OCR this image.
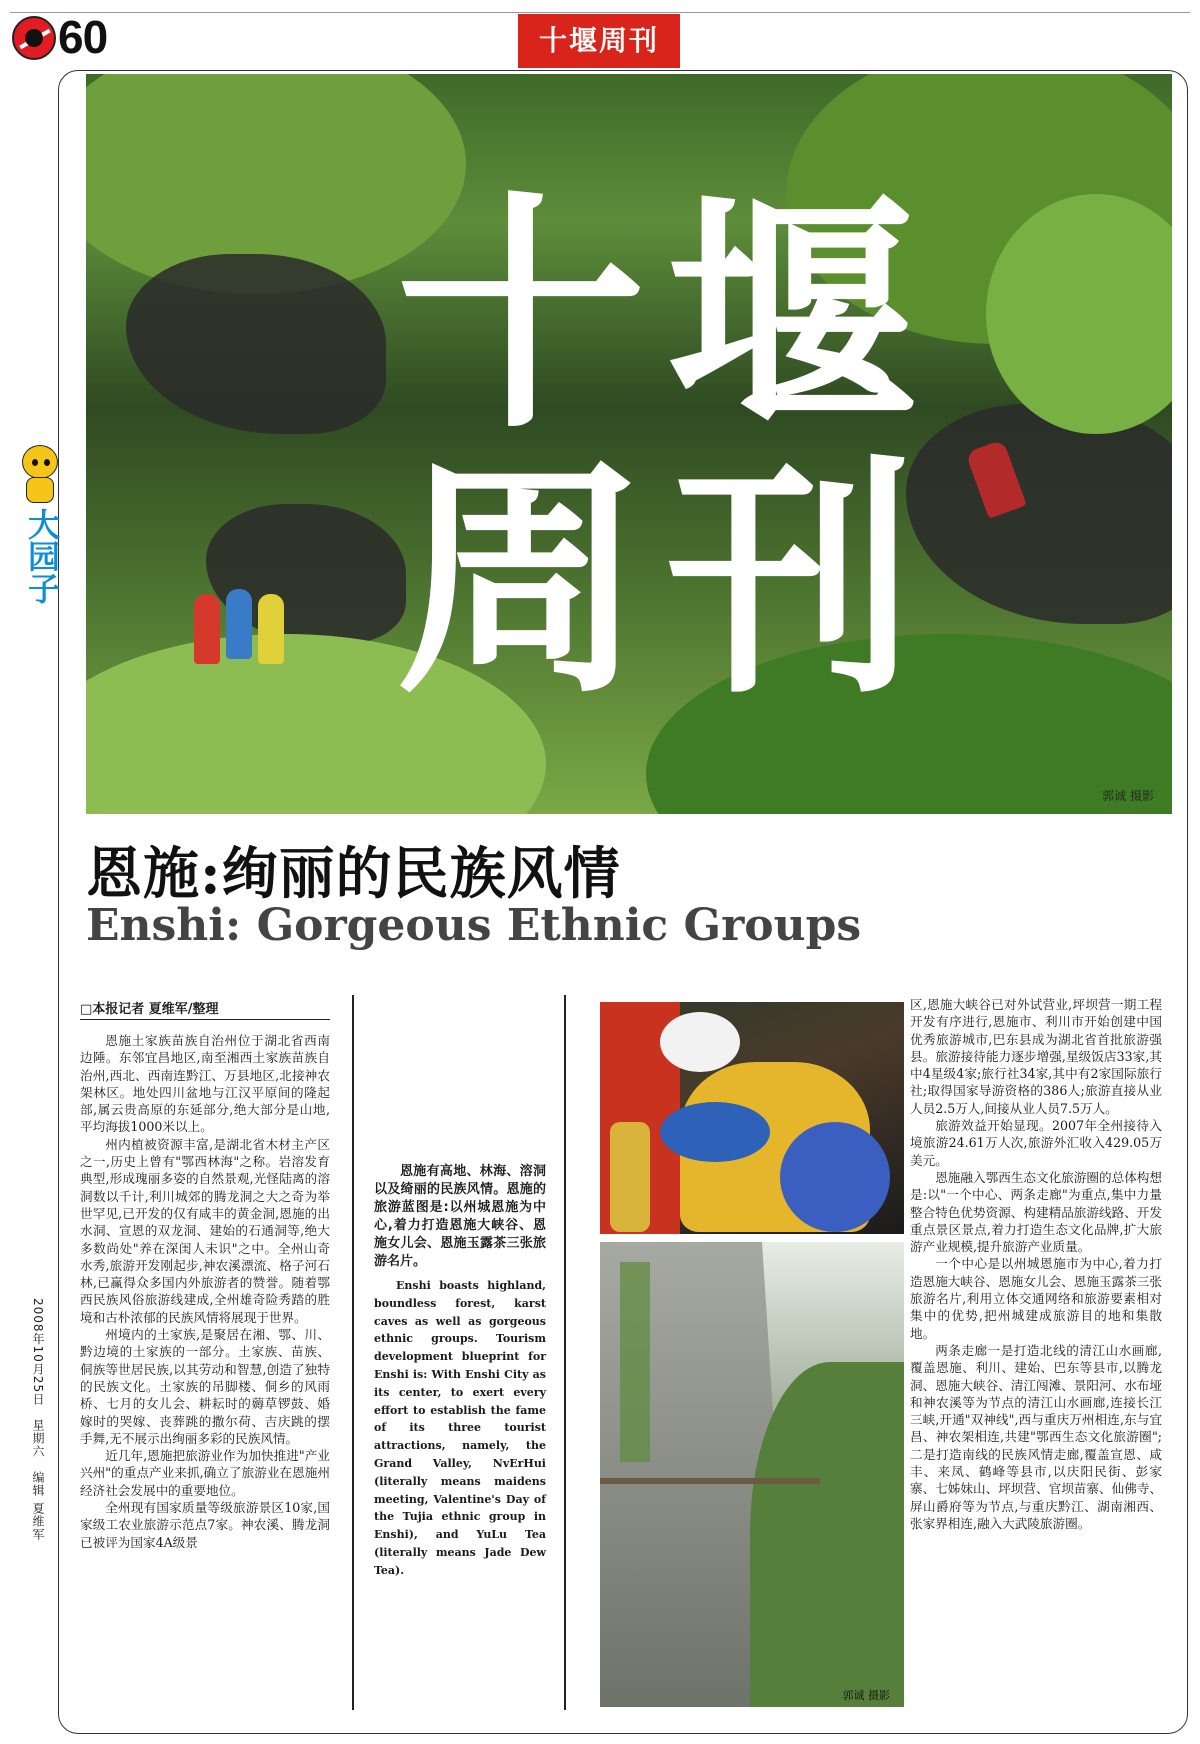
60	十堰周刊
十堰
周刊
郭诚 摄影
大园子
2008年10月25日 星期六 编辑 夏维军
恩施:绚丽的民族风情
Enshi: Gorgeous Ethnic Groups
□本报记者 夏维军/整理

恩施土家族苗族自治州位于湖北省西南边陲。东邻宜昌地区,南至湘西土家族苗族自治州,西北、西南连黔江、万县地区,北接神农架林区。地处四川盆地与江汉平原间的隆起部,属云贵高原的东延部分,绝大部分是山地,平均海拔1000米以上。

州内植被资源丰富,是湖北省木材主产区之一,历史上曾有"鄂西林海"之称。岩溶发育典型,形成瑰丽多姿的自然景观,光怪陆离的溶洞数以千计,利川城郊的腾龙洞之大之奇为举世罕见,已开发的仅有咸丰的黄金洞,恩施的出水洞、宣恩的双龙洞、建始的石通洞等,绝大多数尚处"养在深闺人未识"之中。全州山奇水秀,旅游开发刚起步,神农溪漂流、格子河石林,已赢得众多国内外旅游者的赞誉。随着鄂西民族风俗旅游线建成,全州雄奇险秀踏的胜境和古朴浓郁的民族风情将展现于世界。

州境内的土家族,是聚居在湘、鄂、川、黔边境的土家族的一部分。土家族、苗族、侗族等世居民族,以其劳动和智慧,创造了独特的民族文化。土家族的吊脚楼、侗乡的风雨桥、七月的女儿会、耕耘时的薅草锣鼓、婚嫁时的哭嫁、丧葬跳的撒尔荷、吉庆跳的摆手舞,无不展示出绚丽多彩的民族风情。

近几年,恩施把旅游业作为加快推进"产业兴州"的重点产业来抓,确立了旅游业在恩施州经济社会发展中的重要地位。

全州现有国家质量等级旅游景区10家,国家级工农业旅游示范点7家。神农溪、腾龙洞已被评为国家4A级景

恩施有高地、林海、溶洞以及绮丽的民族风情。恩施的旅游蓝图是:以州城恩施为中心,着力打造恩施大峡谷、恩施女儿会、恩施玉露茶三张旅游名片。
Enshi boasts highland, boundless forest, karst caves as well as gorgeous ethnic groups. Tourism development blueprint for Enshi is: With Enshi City as its center, to exert every effort to establish the fame of its three tourist attractions, namely, the Grand Valley, NvErHui (literally means maidens meeting, Valentine's Day of the Tujia ethnic group in Enshi), and YuLu Tea (literally means Jade Dew Tea).
郭诚 摄影

区,恩施大峡谷已对外试营业,坪坝营一期工程开发有序进行,恩施市、利川市开始创建中国优秀旅游城市,巴东县成为湖北省首批旅游强县。旅游接待能力逐步增强,星级饭店33家,其中4星级4家;旅行社34家,其中有2家国际旅行社;取得国家导游资格的386人;旅游直接从业人员2.5万人,间接从业人员7.5万人。

旅游效益开始显现。2007年全州接待入境旅游24.61万人次,旅游外汇收入429.05万美元。

恩施融入鄂西生态文化旅游圈的总体构想是:以"一个中心、两条走廊"为重点,集中力量整合特色优势资源、构建精品旅游线路、开发重点景区景点,着力打造生态文化品牌,扩大旅游产业规模,提升旅游产业质量。

一个中心是以州城恩施市为中心,着力打造恩施大峡谷、恩施女儿会、恩施玉露茶三张旅游名片,利用立体交通网络和旅游要素相对集中的优势,把州城建成旅游目的地和集散地。

两条走廊一是打造北线的清江山水画廊,覆盖恩施、利川、建始、巴东等县市,以腾龙洞、恩施大峡谷、清江闯滩、景阳河、水布垭和神农溪等为节点的清江山水画廊,连接长江三峡,开通"双神线",西与重庆万州相连,东与宜昌、神农架相连,共建"鄂西生态文化旅游圈";二是打造南线的民族风情走廊,覆盖宣恩、咸丰、来凤、鹤峰等县市,以庆阳民街、彭家寨、七姊妹山、坪坝营、官坝苗寨、仙佛寺、屏山爵府等为节点,与重庆黔江、湖南湘西、张家界相连,融入大武陵旅游圈。
